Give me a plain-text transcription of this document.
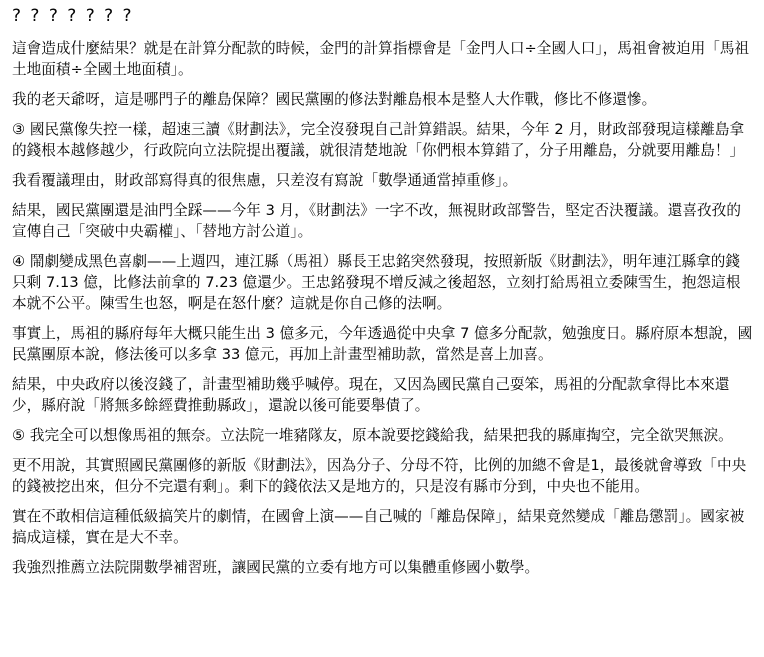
? ? ? ? ? ? ?

這會造成什麼結果？就是在計算分配款的時候，金門的計算指標會是「金門人口÷全國人口」，馬祖會被迫用「馬祖土地面積÷全國土地面積」。

我的老天爺呀，這是哪門子的離島保障？國民黨團的修法對離島根本是整人大作戰，修比不修還慘。

③ 國民黨像失控一樣，超速三讀《財劃法》，完全沒發現自己計算錯誤。結果，今年 2 月，財政部發現這樣離島拿的錢根本越修越少，行政院向立法院提出覆議，就很清楚地說「你們根本算錯了，分子用離島，分就要用離島！」

我看覆議理由，財政部寫得真的很焦慮，只差沒有寫說「數學通通當掉重修」。

結果，國民黨團還是油門全踩——今年 3 月，《財劃法》一字不改，無視財政部警告，堅定否決覆議。還喜孜孜的宣傳自己「突破中央霸權」、「替地方討公道」。

④ 鬧劇變成黑色喜劇——上週四，連江縣（馬祖）縣長王忠銘突然發現，按照新版《財劃法》，明年連江縣拿的錢只剩 7.13 億，比修法前拿的 7.23 億還少。王忠銘發現不增反減之後超怒，立刻打給馬祖立委陳雪生，抱怨這根本就不公平。陳雪生也怒，啊是在怒什麼？這就是你自己修的法啊。

事實上，馬祖的縣府每年大概只能生出 3 億多元，今年透過從中央拿 7 億多分配款，勉強度日。縣府原本想說，國民黨團原本說，修法後可以多拿 33 億元，再加上計畫型補助款，當然是喜上加喜。

結果，中央政府以後沒錢了，計畫型補助幾乎喊停。現在，又因為國民黨自己耍笨，馬祖的分配款拿得比本來還少，縣府說「將無多餘經費推動縣政」，還說以後可能要舉債了。

⑤ 我完全可以想像馬祖的無奈。立法院一堆豬隊友，原本說要挖錢給我，結果把我的縣庫掏空，完全欲哭無淚。

更不用說，其實照國民黨團修的新版《財劃法》，因為分子、分母不符，比例的加總不會是1，最後就會導致「中央的錢被挖出來，但分不完還有剩」。剩下的錢依法又是地方的，只是沒有縣市分到，中央也不能用。

實在不敢相信這種低級搞笑片的劇情，在國會上演——自己喊的「離島保障」，結果竟然變成「離島懲罰」。國家被搞成這樣，實在是大不幸。

我強烈推薦立法院開數學補習班，讓國民黨的立委有地方可以集體重修國小數學。
